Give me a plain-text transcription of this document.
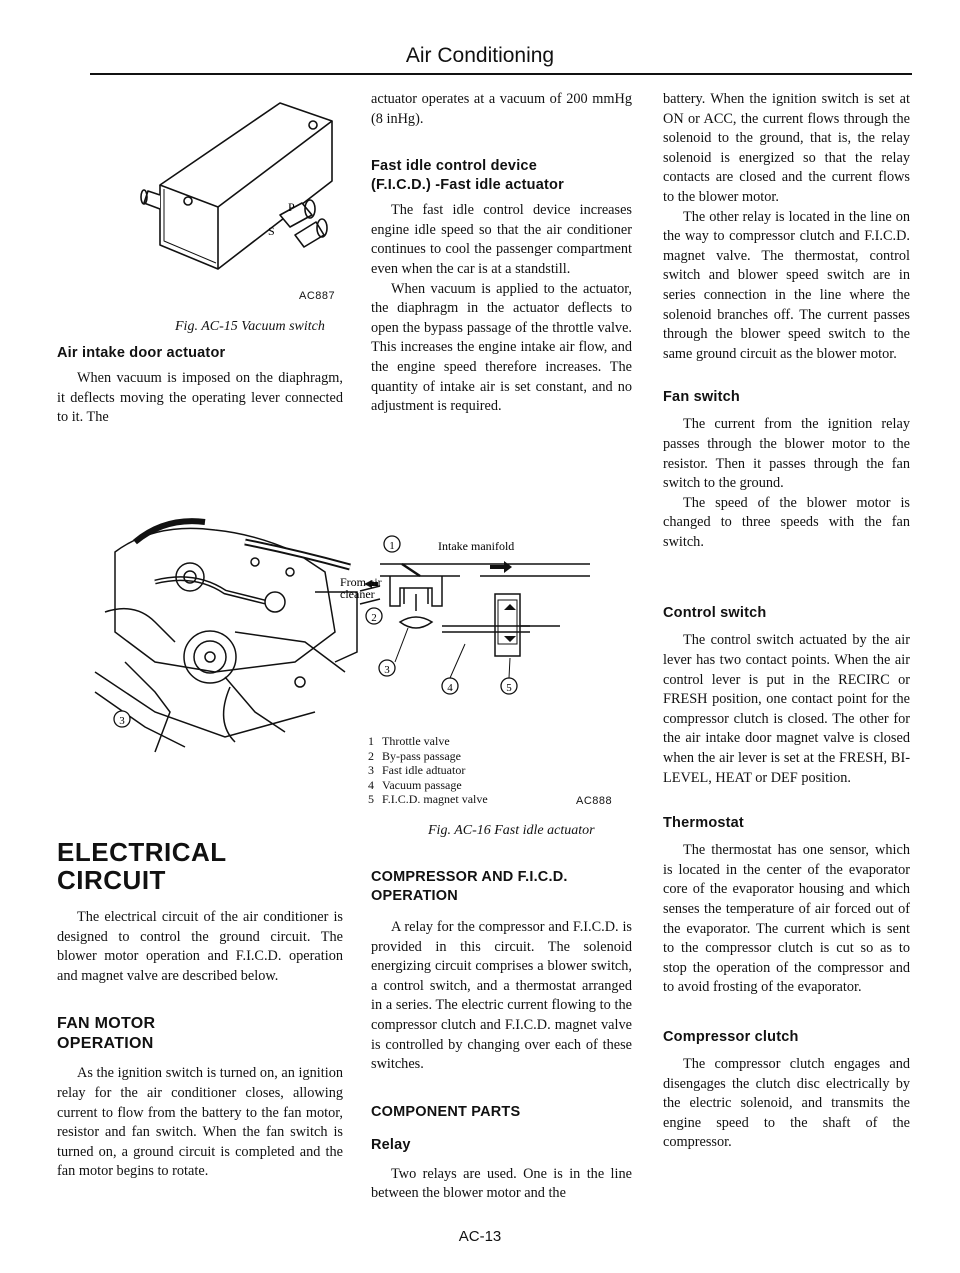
Air Conditioning
P
S
AC887
Fig. AC-15 Vacuum switch
Air intake door actuator

When vacuum is imposed on the diaphragm, it deflects moving the operating lever connected to it. The

3
1	Intake manifold
From air
cleaner
2
3
4	5
1 Throttle valve
2 By-pass passage
3 Fast idle adtuator
4 Vacuum passage
5 F.I.C.D. magnet valve	AC888
Fig. AC-16 Fast idle actuator
ELECTRICAL
CIRCUIT

The electrical circuit of the air conditioner is designed to control the ground circuit. The blower motor operation and F.I.C.D. operation and magnet valve are described below.

FAN MOTOR
OPERATION

As the ignition switch is turned on, an ignition relay for the air conditioner closes, allowing current to flow from the battery to the fan motor, resistor and fan switch. When the fan switch is turned on, a ground circuit is completed and the fan motor begins to rotate.

actuator operates at a vacuum of 200 mmHg (8 inHg).
Fast idle control device
(F.I.C.D.) -Fast idle actuator

The fast idle control device increases engine idle speed so that the air conditioner continues to cool the passenger compartment even when the car is at a standstill.

When vacuum is applied to the actuator, the diaphragm in the actuator deflects to open the bypass passage of the throttle valve. This increases the engine intake air flow, and the engine speed therefore increases. The quantity of intake air is set constant, and no adjustment is required.

COMPRESSOR AND F.I.C.D.
OPERATION

A relay for the compressor and F.I.C.D. is provided in this circuit. The solenoid energizing circuit comprises a blower switch, a control switch, and a thermostat arranged in a series. The electric current flowing to the compressor clutch and F.I.C.D. magnet valve is controlled by changing over each of these switches.

COMPONENT PARTS
Relay

Two relays are used. One is in the line between the blower motor and the

battery. When the ignition switch is set at ON or ACC, the current flows through the solenoid to the ground, that is, the relay solenoid is energized so that the relay contacts are closed and the current flows to the blower motor.

The other relay is located in the line on the way to compressor clutch and F.I.C.D. magnet valve. The thermostat, control switch and blower speed switch are in series connection in the line where the solenoid branches off. The current passes through the blower speed switch to the same ground circuit as the blower motor.

Fan switch

The current from the ignition relay passes through the blower motor to the resistor. Then it passes through the fan switch to the ground.

The speed of the blower motor is changed to three speeds with the fan switch.

Control switch

The control switch actuated by the air lever has two contact points. When the air control lever is put in the RECIRC or FRESH position, one contact point for the compressor clutch is closed. The other for the air intake door magnet valve is closed when the air lever is set at the FRESH, BI-LEVEL, HEAT or DEF position.

Thermostat

The thermostat has one sensor, which is located in the center of the evaporator core of the evaporator housing and which senses the temperature of air forced out of the evaporator. The current which is sent to the compressor clutch is cut so as to stop the operation of the compressor and to avoid frosting of the evaporator.

Compressor clutch

The compressor clutch engages and disengages the clutch disc electrically by the electric solenoid, and transmits the engine speed to the shaft of the compressor.

AC-13
